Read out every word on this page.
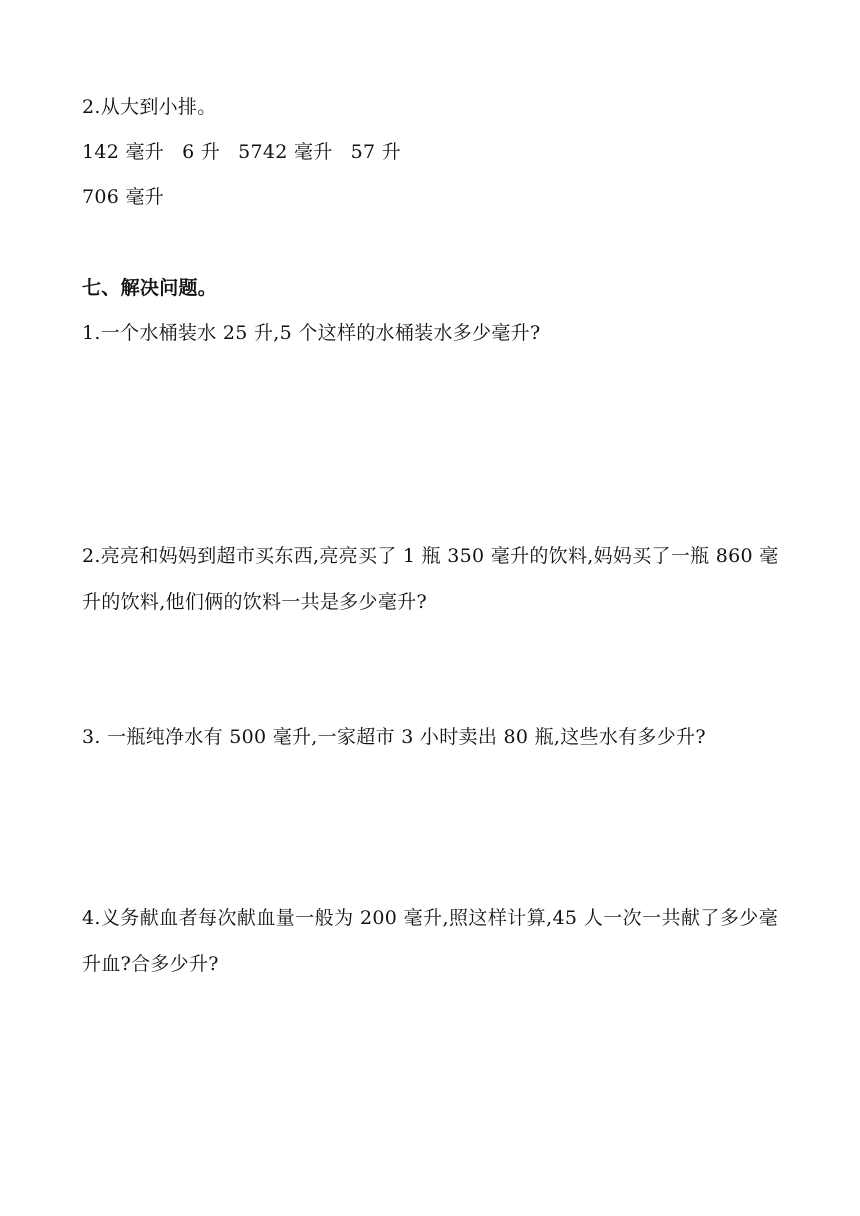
2.从大到小排。
142 毫升 6 升 5742 毫升 57 升
706 毫升
七、解决问题。
1.一个水桶装水 25 升,5 个这样的水桶装水多少毫升?
2.亮亮和妈妈到超市买东西,亮亮买了 1 瓶 350 毫升的饮料,妈妈买了一瓶 860 毫
升的饮料,他们俩的饮料一共是多少毫升?
3. 一瓶纯净水有 500 毫升,一家超市 3 小时卖出 80 瓶,这些水有多少升?
4.义务献血者每次献血量一般为 200 毫升,照这样计算,45 人一次一共献了多少毫
升血?合多少升?
